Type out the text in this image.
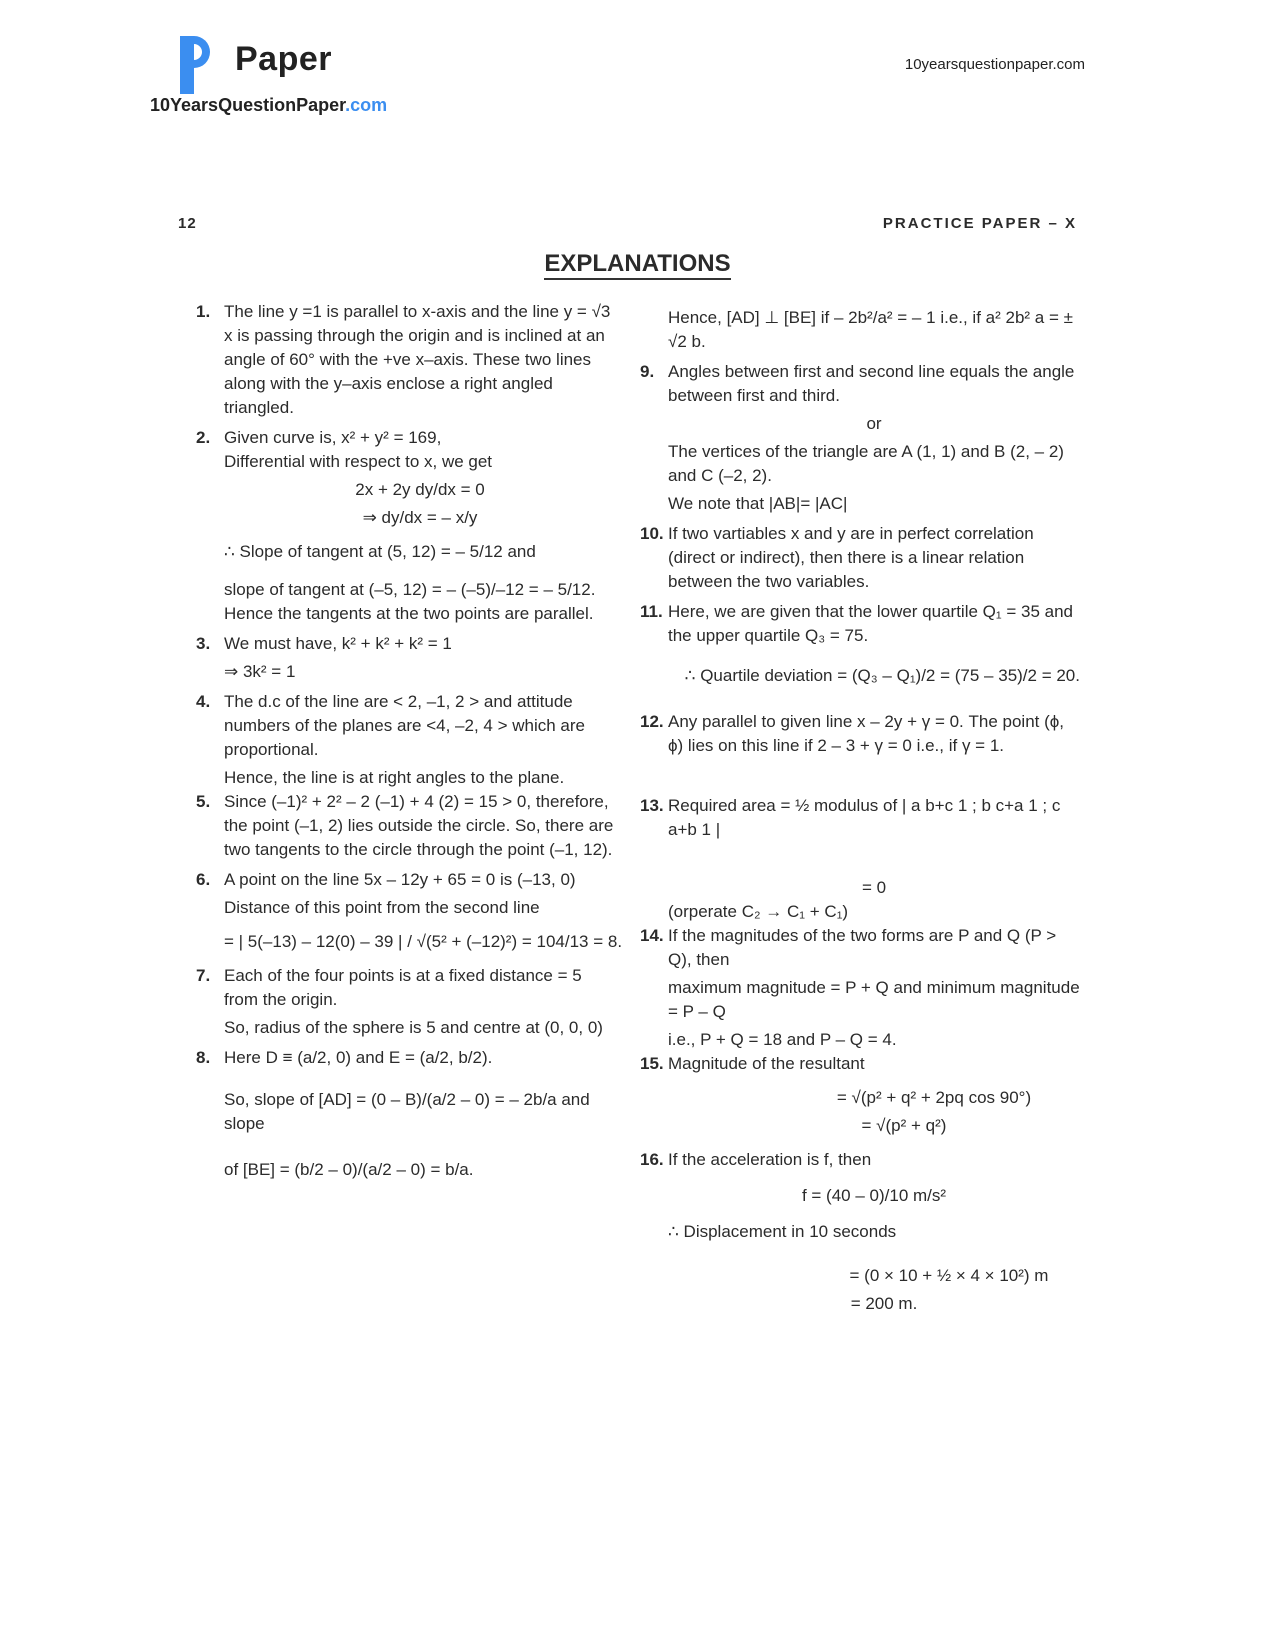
Paper
10YearsQuestionPaper.com
10yearsquestionpaper.com
12	PRACTICE PAPER – X
EXPLANATIONS
1. The line y =1 is parallel to x-axis and the line y = √3 x is passing through the origin and is inclined at an angle of 60° with the +ve x–axis. These two lines along with the y–axis enclose a right angled triangled.
2. Given curve is, x² + y² = 169,
Differential with respect to x, we get
2x + 2y dy/dx = 0
⇒ dy/dx = – x/y
∴ Slope of tangent at (5, 12) = – 5/12 and
slope of tangent at (–5, 12) = – (–5)/–12 = – 5/12.
Hence the tangents at the two points are parallel.
3. We must have, k² + k² + k² = 1
⇒ 3k² = 1
4. The d.c of the line are < 2, –1, 2 > and attitude numbers of the planes are <4, –2, 4 > which are proportional.
Hence, the line is at right angles to the plane.
5. Since (–1)² + 2² – 2 (–1) + 4 (2) = 15 > 0, therefore, the point (–1, 2) lies outside the circle. So, there are two tangents to the circle through the point (–1, 12).
6. A point on the line 5x – 12y + 65 = 0 is (–13, 0)
Distance of this point from the second line
= | 5(–13) – 12(0) – 39 | / √(5² + (–12)²) = 104/13 = 8.
7. Each of the four points is at a fixed distance = 5 from the origin.
So, radius of the sphere is 5 and centre at (0, 0, 0)
8. Here D ≡ (a/2, 0) and E = (a/2, b/2).
So, slope of [AD] = (0 – B)/(a/2 – 0) = – 2b/a and slope
of [BE] = (b/2 – 0)/(a/2 – 0) = b/a.
Hence, [AD] ⊥ [BE] if – 2b²/a² = – 1 i.e., if a² 2b² a = ± √2 b.
9. Angles between first and second line equals the angle between first and third.
or
The vertices of the triangle are A (1, 1) and B (2, – 2) and C (–2, 2).
We note that |AB|= |AC|
10. If two vartiables x and y are in perfect correlation (direct or indirect), then there is a linear relation between the two variables.
11. Here, we are given that the lower quartile Q₁ = 35 and the upper quartile Q₃ = 75.
∴ Quartile deviation = (Q₃ – Q₁)/2 = (75 – 35)/2 = 20.
12. Any parallel to given line x – 2y + γ = 0. The point (ϕ, ϕ) lies on this line if 2 – 3 + γ = 0 i.e., if γ = 1.
13. Required area = ½ modulus of | a b+c 1 ; b c+a 1 ; c a+b 1 |
= 0
(orperate C₂ → C₁ + C₁)
14. If the magnitudes of the two forms are P and Q (P > Q), then
maximum magnitude = P + Q and minimum magnitude = P – Q
i.e., P + Q = 18 and P – Q = 4.
15. Magnitude of the resultant
= √(p² + q² + 2pq cos 90°)
= √(p² + q²)
16. If the acceleration is f, then
f = (40 – 0)/10 m/s²
∴ Displacement in 10 seconds
= (0 × 10 + ½ × 4 × 10²) m
= 200 m.
